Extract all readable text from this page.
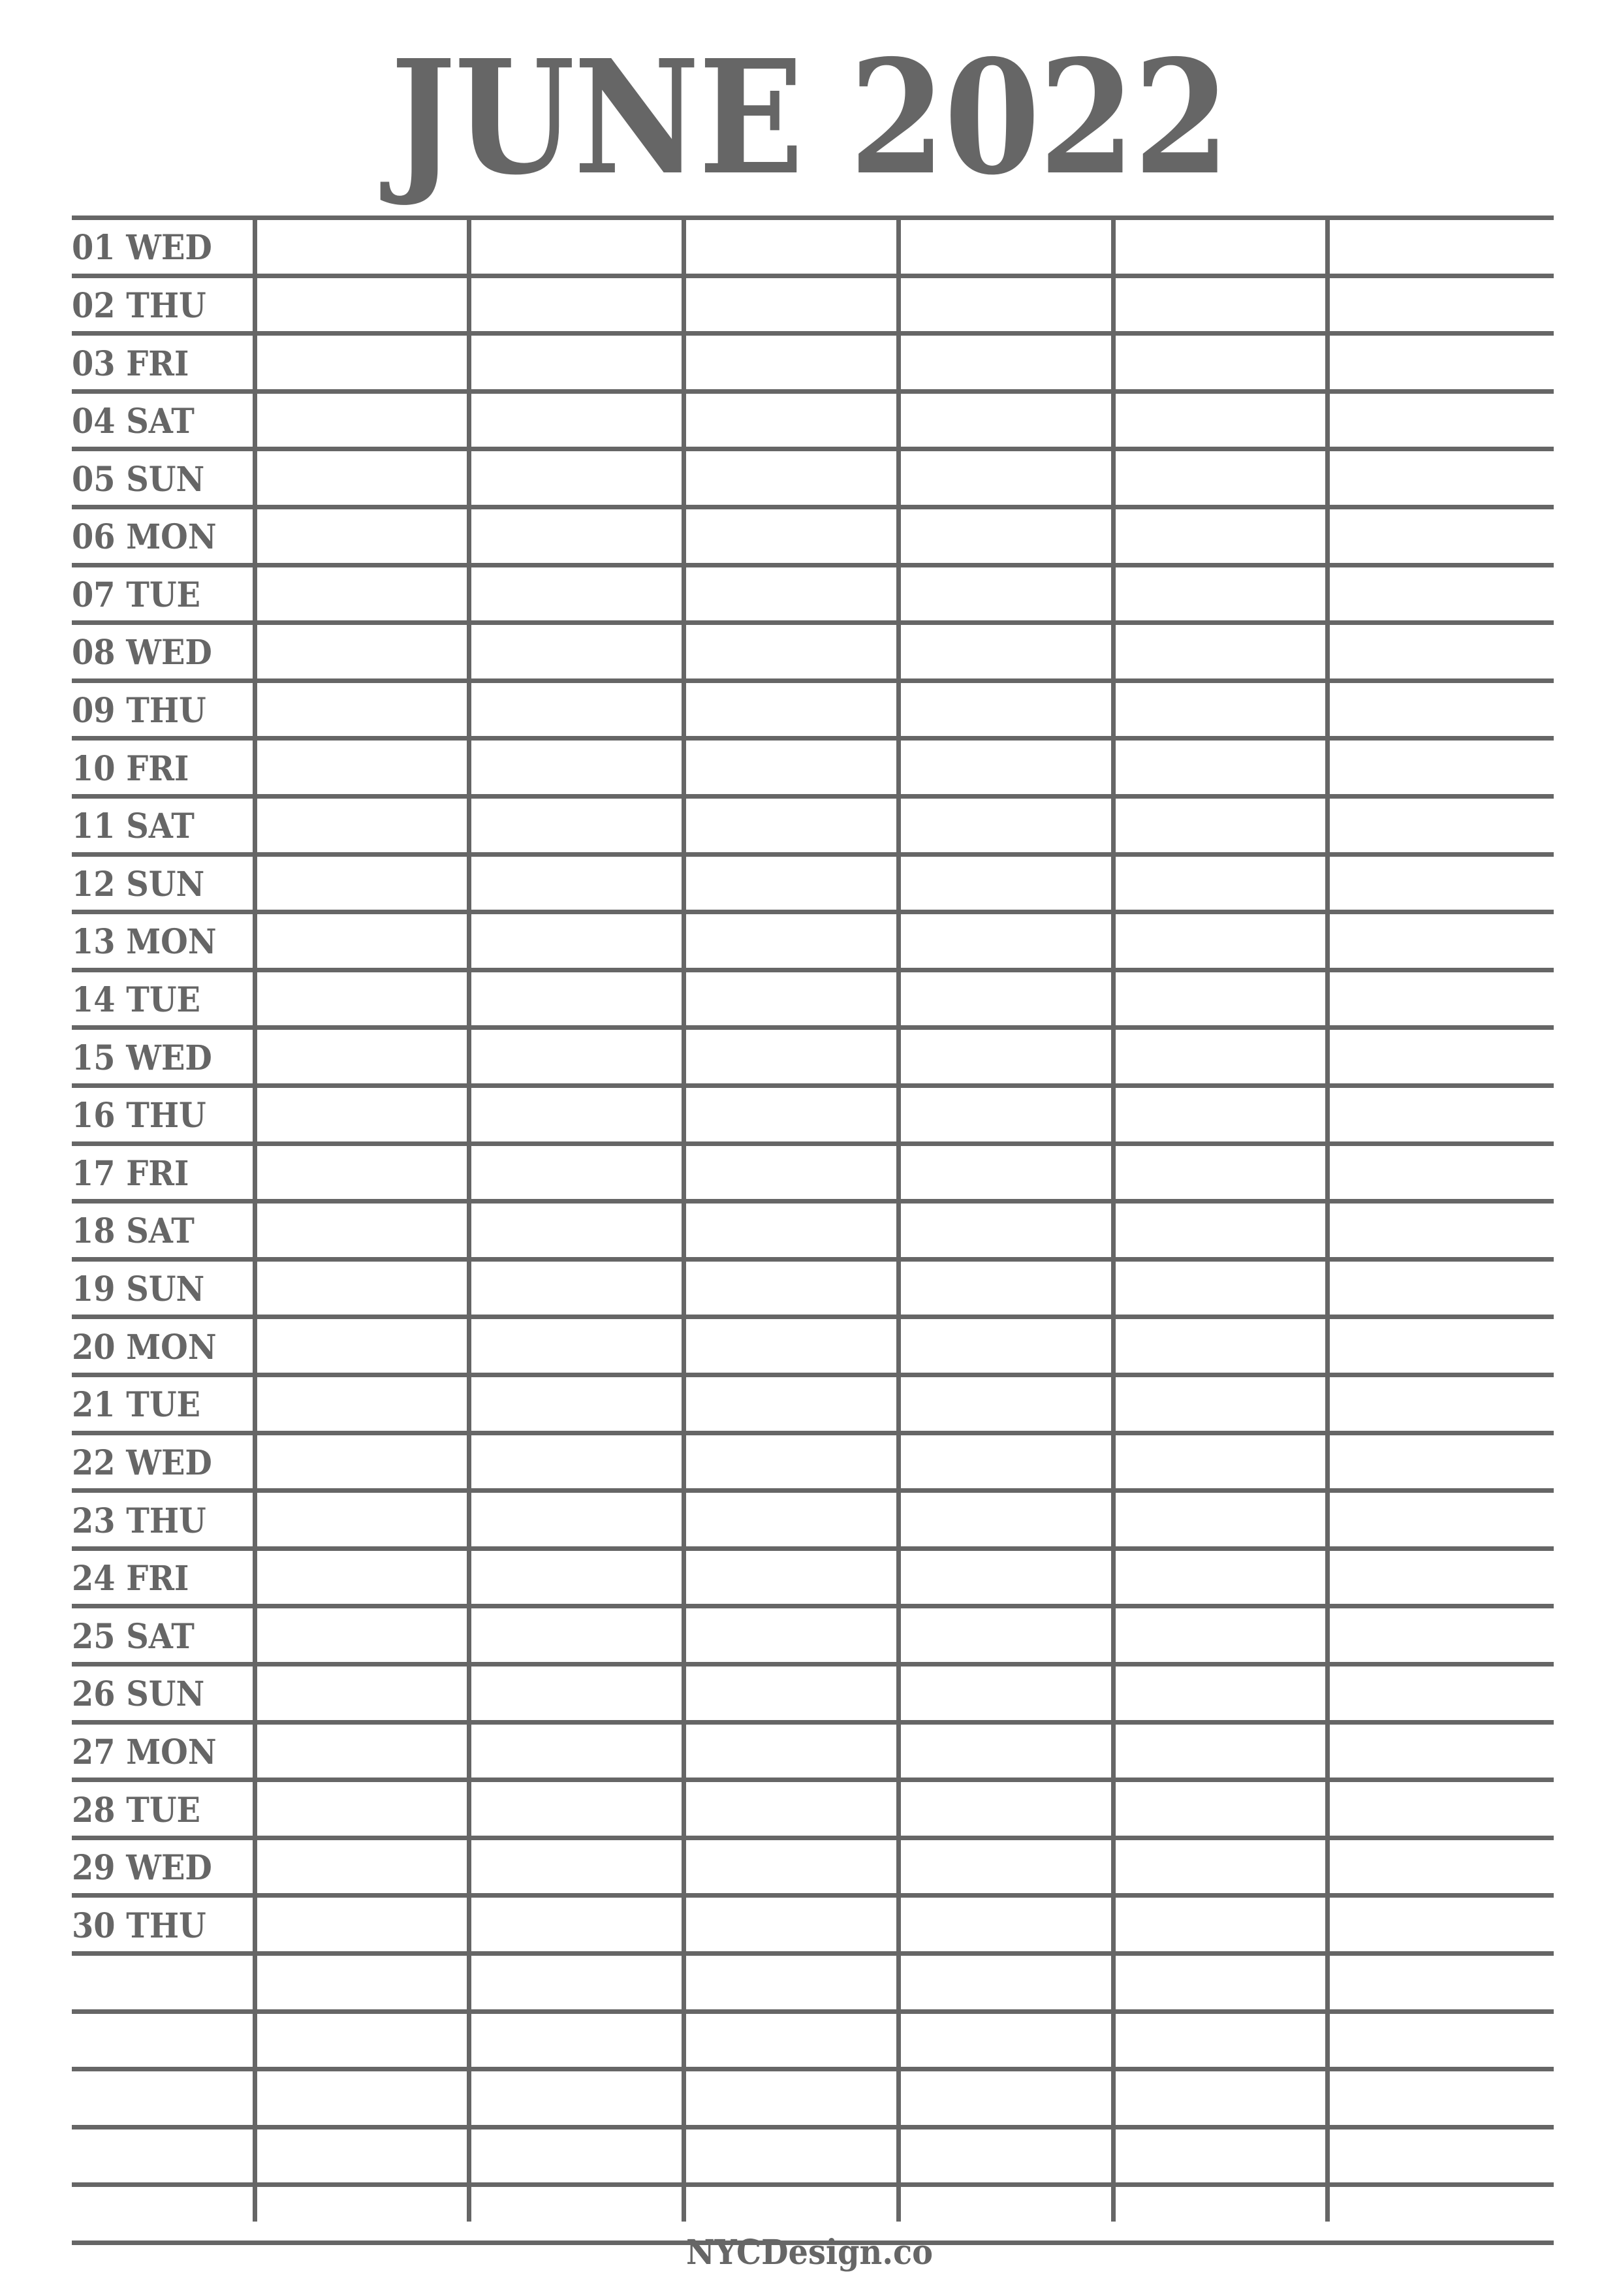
JUNE 2022
01 WED
02 THU
03 FRI
04 SAT
05 SUN
06 MON
07 TUE
08 WED
09 THU
10 FRI
11 SAT
12 SUN
13 MON
14 TUE
15 WED
16 THU
17 FRI
18 SAT
19 SUN
20 MON
21 TUE
22 WED
23 THU
24 FRI
25 SAT
26 SUN
27 MON
28 TUE
29 WED
30 THU
NYCDesign.co
